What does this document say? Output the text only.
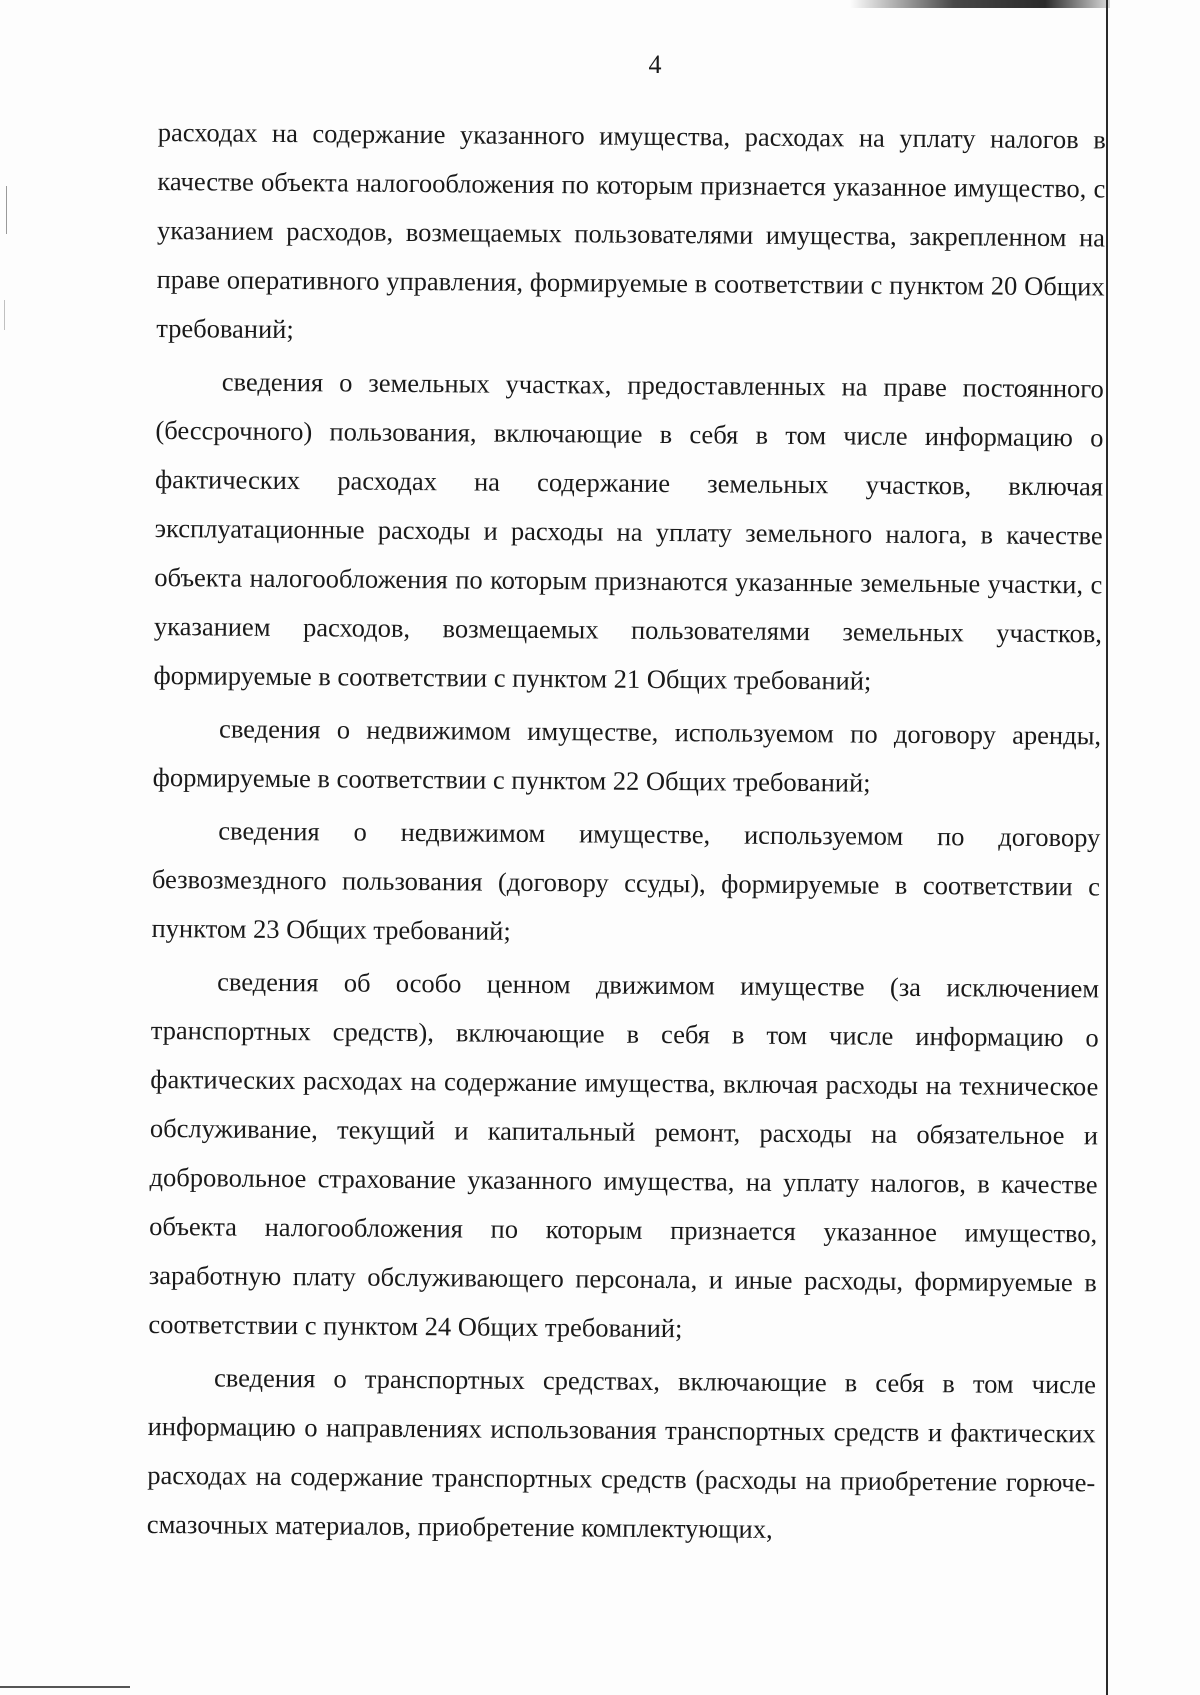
4

расходах на содержание указанного имущества, расходах на уплату налогов в качестве объекта налогообложения по которым признается указанное имущество, с указанием расходов, возмещаемых пользователями имущества, закрепленном на праве оперативного управления, формируемые в соответствии с пунктом 20 Общих требований;

сведения о земельных участках, предоставленных на праве постоянного (бессрочного) пользования, включающие в себя в том числе информацию о фактических расходах на содержание земельных участков, включая эксплуатационные расходы и расходы на уплату земельного налога, в качестве объекта налогообложения по которым признаются указанные земельные участки, с указанием расходов, возмещаемых пользователями земельных участков, формируемые в соответствии с пунктом 21 Общих требований;

сведения о недвижимом имуществе, используемом по договору аренды, формируемые в соответствии с пунктом 22 Общих требований;

сведения о недвижимом имуществе, используемом по договору безвозмездного пользования (договору ссуды), формируемые в соответствии с пунктом 23 Общих требований;

сведения об особо ценном движимом имуществе (за исключением транспортных средств), включающие в себя в том числе информацию о фактических расходах на содержание имущества, включая расходы на техническое обслуживание, текущий и капитальный ремонт, расходы на обязательное и добровольное страхование указанного имущества, на уплату налогов, в качестве объекта налогообложения по которым признается указанное имущество, заработную плату обслуживающего персонала, и иные расходы, формируемые в соответствии с пунктом 24 Общих требований;

сведения о транспортных средствах, включающие в себя в том числе информацию о направлениях использования транспортных средств и фактических расходах на содержание транспортных средств (расходы на приобретение горюче-смазочных материалов, приобретение комплектующих,
